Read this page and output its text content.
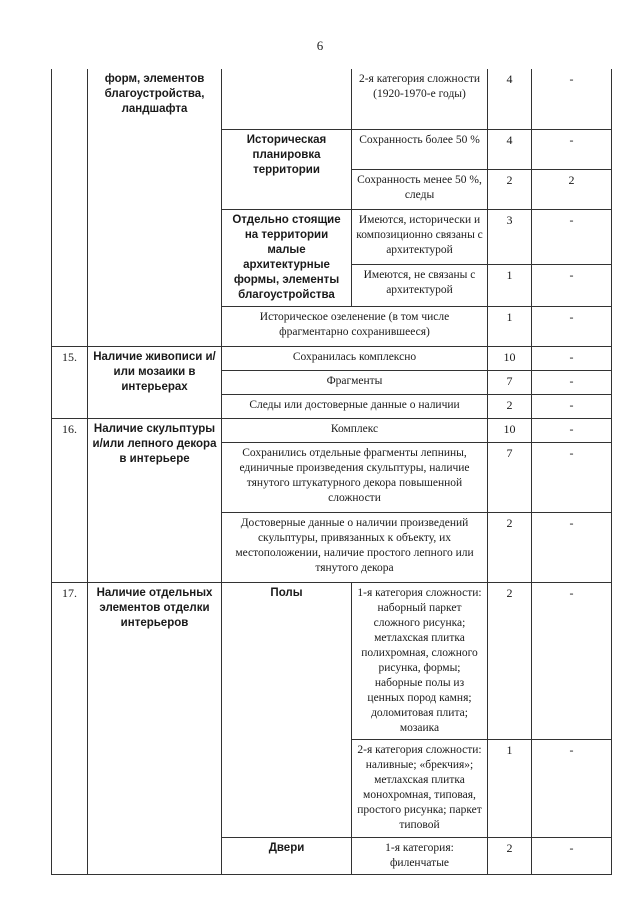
6
	форм, элементов благоустройства, ландшафта		2-я категория сложности (1920-1970-е годы)	4	-
		Историческая планировка территории	Сохранность более 50 %	4	-
			Сохранность менее 50 %, следы	2	2
		Отдельно стоящие на территории малые архитектурные формы, элементы благоустройства	Имеются, исторически и композиционно связаны с архитектурой	3	-
			Имеются, не связаны с архитектурой	1	-
		Историческое озеленение (в том числе фрагментарно сохранившееся)		1	-
15.	Наличие живописи и/или мозаики в интерьерах	Сохранилась комплексно		10	-
		Фрагменты		7	-
		Следы или достоверные данные о наличии		2	-
16.	Наличие скульптуры и/или лепного декора в интерьере	Комплекс		10	-
		Сохранились отдельные фрагменты лепнины, единичные произведения скульптуры, наличие тянутого штукатурного декора повышенной сложности		7	-
		Достоверные данные о наличии произведений скульптуры, привязанных к объекту, их местоположении, наличие простого лепного или тянутого декора		2	-
17.	Наличие отдельных элементов отделки интерьеров	Полы	1-я категория сложности: наборный паркет сложного рисунка; метлахская плитка полихромная, сложного рисунка, формы; наборные полы из ценных пород камня; доломитовая плита; мозаика	2	-
			2-я категория сложности: наливные; «брекчия»; метлахская плитка монохромная, типовая, простого рисунка; паркет типовой	1	-
		Двери	1-я категория: филенчатые	2	-
